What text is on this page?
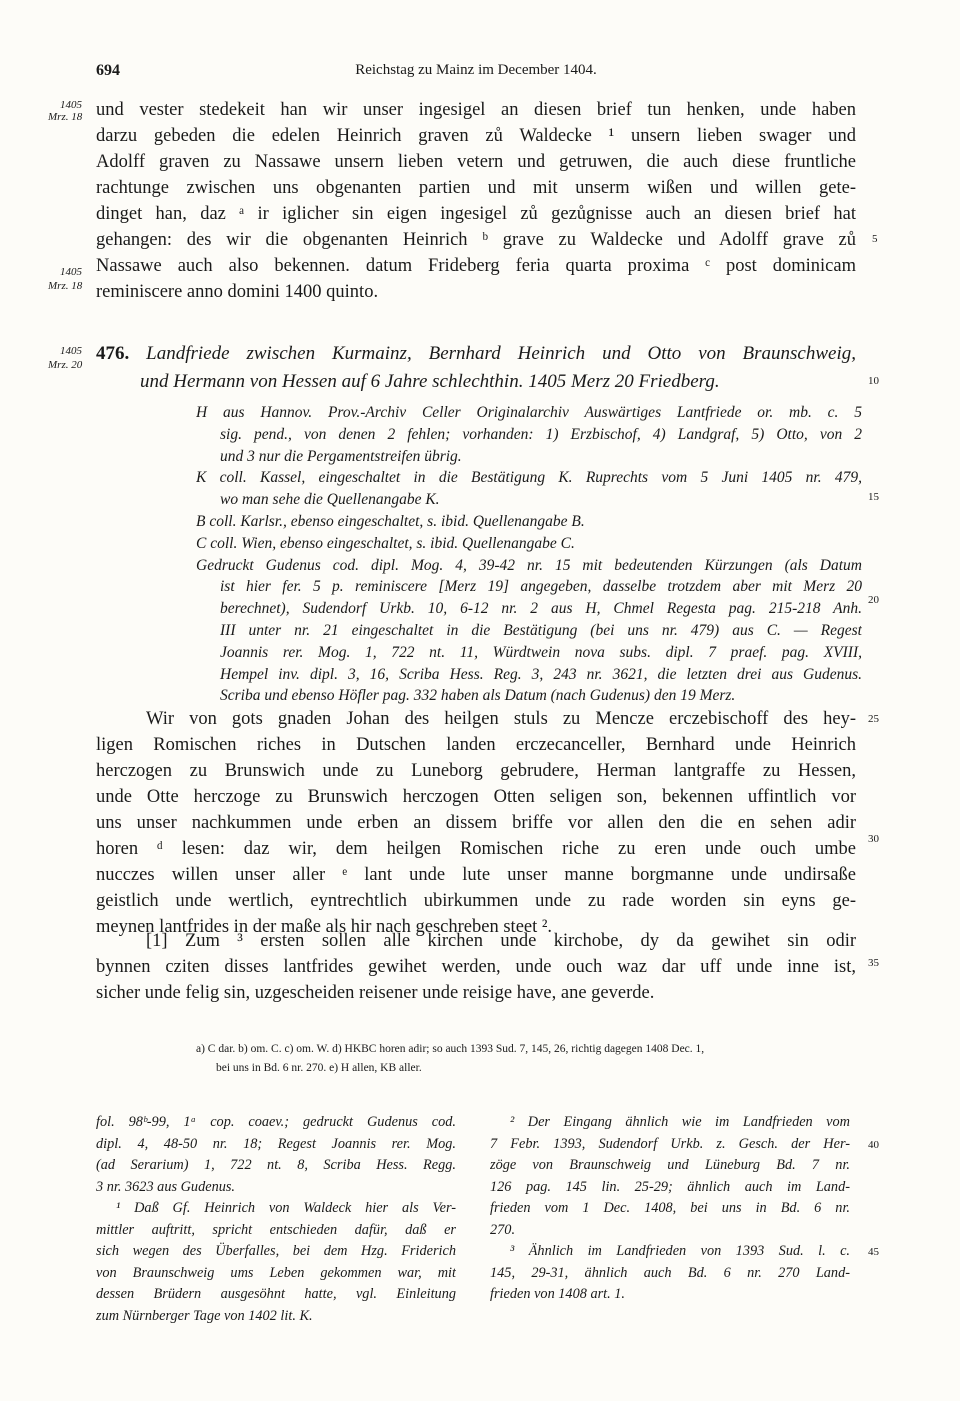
694	Reichstag zu Mainz im December 1404.
1405
Mrz. 18
1405
Mrz. 18
1405
Mrz. 20
5
10
15
20
25
30
35
40
45
und vester stedekeit han wir unser ingesigel an diesen brief tun henken, unde haben
darzu gebeden die edelen Heinrich graven zů Waldecke ¹ unsern lieben swager und
Adolff graven zu Nassawe unsern lieben vetern und getruwen, die auch diese fruntliche
rachtunge zwischen uns obgenanten partien und mit unserm wißen und willen gete-
dinget han, daz ᵃ ir iglicher sin eigen ingesigel zů gezůgnisse auch an diesen brief hat
gehangen: des wir die obgenanten Heinrich ᵇ grave zu Waldecke und Adolff grave zů
Nassawe auch also bekennen. datum Frideberg feria quarta proxima ᶜ post dominicam
reminiscere anno domini 1400 quinto.
476. Landfriede zwischen Kurmainz, Bernhard Heinrich und Otto von Braunschweig,
und Hermann von Hessen auf 6 Jahre schlechthin. 1405 Merz 20 Friedberg.
H aus Hannov. Prov.-Archiv Celler Originalarchiv Auswärtiges Lantfriede or. mb. c. 5
sig. pend., von denen 2 fehlen; vorhanden: 1) Erzbischof, 4) Landgraf, 5) Otto, von 2
und 3 nur die Pergamentstreifen übrig.
K coll. Kassel, eingeschaltet in die Bestätigung K. Ruprechts vom 5 Juni 1405 nr. 479,
wo man sehe die Quellenangabe K.
B coll. Karlsr., ebenso eingeschaltet, s. ibid. Quellenangabe B.
C coll. Wien, ebenso eingeschaltet, s. ibid. Quellenangabe C.
Gedruckt Gudenus cod. dipl. Mog. 4, 39-42 nr. 15 mit bedeutenden Kürzungen (als Datum
ist hier fer. 5 p. reminiscere [Merz 19] angegeben, dasselbe trotzdem aber mit Merz 20
berechnet), Sudendorf Urkb. 10, 6-12 nr. 2 aus H, Chmel Regesta pag. 215-218 Anh.
III unter nr. 21 eingeschaltet in die Bestätigung (bei uns nr. 479) aus C. — Regest
Joannis rer. Mog. 1, 722 nt. 11, Würdtwein nova subs. dipl. 7 praef. pag. XVIII,
Hempel inv. dipl. 3, 16, Scriba Hess. Reg. 3, 243 nr. 3621, die letzten drei aus Gudenus.
Scriba und ebenso Höfler pag. 332 haben als Datum (nach Gudenus) den 19 Merz.
Wir von gots gnaden Johan des heilgen stuls zu Mencze erczebischoff des hey-
ligen Romischen riches in Dutschen landen erczecanceller, Bernhard unde Heinrich
herczogen zu Brunswich unde zu Luneborg gebrudere, Herman lantgraffe zu Hessen,
unde Otte herczoge zu Brunswich herczogen Otten seligen son, bekennen uffintlich vor
uns unser nachkummen unde erben an dissem briffe vor allen den die en sehen adir
horen ᵈ lesen: daz wir, dem heilgen Romischen riche zu eren unde ouch umbe
nucczes willen unser aller ᵉ lant unde lute unser manne borgmanne unde undirsaße
geistlich unde wertlich, eyntrechtlich ubirkummen unde zu rade worden sin eyns ge-
meynen lantfrides in der maße als hir nach geschreben steet ².
[1] Zum ³ ersten sollen alle kirchen unde kirchobe, dy da gewihet sin odir
bynnen cziten disses lantfrides gewihet werden, unde ouch waz dar uff unde inne ist,
sicher unde felig sin, uzgescheiden reisener unde reisige have, ane geverde.
a) C dar. b) om. C. c) om. W. d) HKBC horen adir; so auch 1393 Sud. 7, 145, 26, richtig dagegen 1408 Dec. 1,
bei uns in Bd. 6 nr. 270. e) H allen, KB aller.
fol. 98ᵇ-99, 1ᵃ cop. coaev.; gedruckt Gudenus cod.
dipl. 4, 48-50 nr. 18; Regest Joannis rer. Mog.
(ad Serarium) 1, 722 nt. 8, Scriba Hess. Regg.
3 nr. 3623 aus Gudenus.
¹ Daß Gf. Heinrich von Waldeck hier als Ver-
mittler auftritt, spricht entschieden dafür, daß er
sich wegen des Überfalles, bei dem Hzg. Friderich
von Braunschweig ums Leben gekommen war, mit
dessen Brüdern ausgesöhnt hatte, vgl. Einleitung
zum Nürnberger Tage von 1402 lit. K.
² Der Eingang ähnlich wie im Landfrieden vom
7 Febr. 1393, Sudendorf Urkb. z. Gesch. der Her-
zöge von Braunschweig und Lüneburg Bd. 7 nr.
126 pag. 145 lin. 25-29; ähnlich auch im Land-
frieden vom 1 Dec. 1408, bei uns in Bd. 6 nr.
270.
³ Ähnlich im Landfrieden von 1393 Sud. l. c.
145, 29-31, ähnlich auch Bd. 6 nr. 270 Land-
frieden von 1408 art. 1.
